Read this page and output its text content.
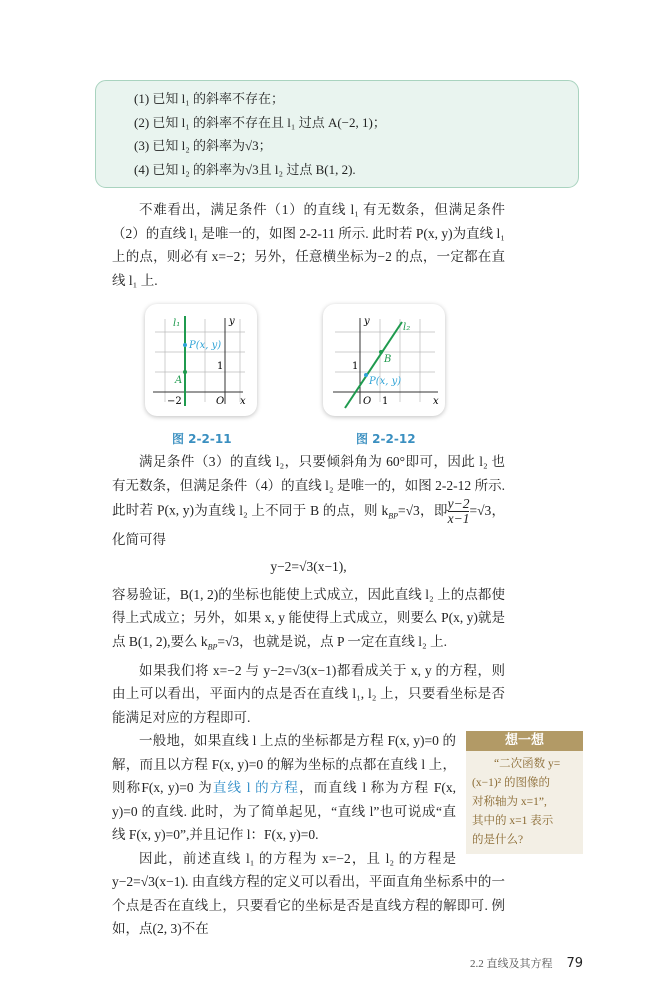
(1) 已知 l₁ 的斜率不存在；
(2) 已知 l₁ 的斜率不存在且 l₁ 过点 A(−2, 1)；
(3) 已知 l₂ 的斜率为√3；
(4) 已知 l₂ 的斜率为√3且 l₂ 过点 B(1, 2).

不难看出，满足条件（1）的直线 l₁ 有无数条，但满足条件（2）的直线 l₁ 是唯一的，如图 2-2-11 所示. 此时若 P(x, y)为直线 l₁ 上的点，则必有 x=−2；另外，任意横坐标为−2 的点，一定都在直线 l₁ 上.

l₁	y
x
O
P(x, y)
A
−2
1
图 2-2-11
l₂
y
x
O
P(x, y)
B
1
1
图 2-2-12

满足条件（3）的直线 l₂，只要倾斜角为 60°即可，因此 l₂ 也有无数条，但满足条件（4）的直线 l₂ 是唯一的，如图 2-2-12 所示. 此时若 P(x, y)为直线 l₂ 上不同于 B 的点，则 $k_{BP}=√3$，即 $\frac{y-2}{x-1} =√3$，化简可得

y−2=√3(x−1),

容易验证，B(1, 2)的坐标也能使上式成立，因此直线 l₂ 上的点都使得上式成立；另外，如果 x, y 能使得上式成立，则要么 P(x, y)就是点 B(1, 2),要么 $k_{BP}=√3$，也就是说，点 P 一定在直线 l₂ 上.

如果我们将 x=−2 与 y−2=√3(x−1)都看成关于 x, y 的方程，则由上可以看出，平面内的点是否在直线 l₁, l₂ 上，只要看坐标是否能满足对应的方程即可.

想一想
“二次函数 y=
(x−1)² 的图像的
对称轴为 x=1”,
其中的 x=1 表示
的是什么?

一般地，如果直线 l 上点的坐标都是方程 F(x, y)=0 的解，而且以方程 F(x, y)=0 的解为坐标的点都在直线 l 上，则称F(x, y)=0 为直线 l 的方程，而直线 l 称为方程 F(x, y)=0 的直线. 此时，为了简单起见，“直线 l”也可说成“直线 F(x, y)=0”,并且记作 l：F(x, y)=0.

因此，前述直线 l₁ 的方程为 x=−2，且 l₂ 的方程是 y−2=√3(x−1). 由直线方程的定义可以看出，平面直角坐标系中的一个点是否在直线上，只要看它的坐标是否是直线方程的解即可. 例如，点(2, 3)不在

2.2 直线及其方程 79
